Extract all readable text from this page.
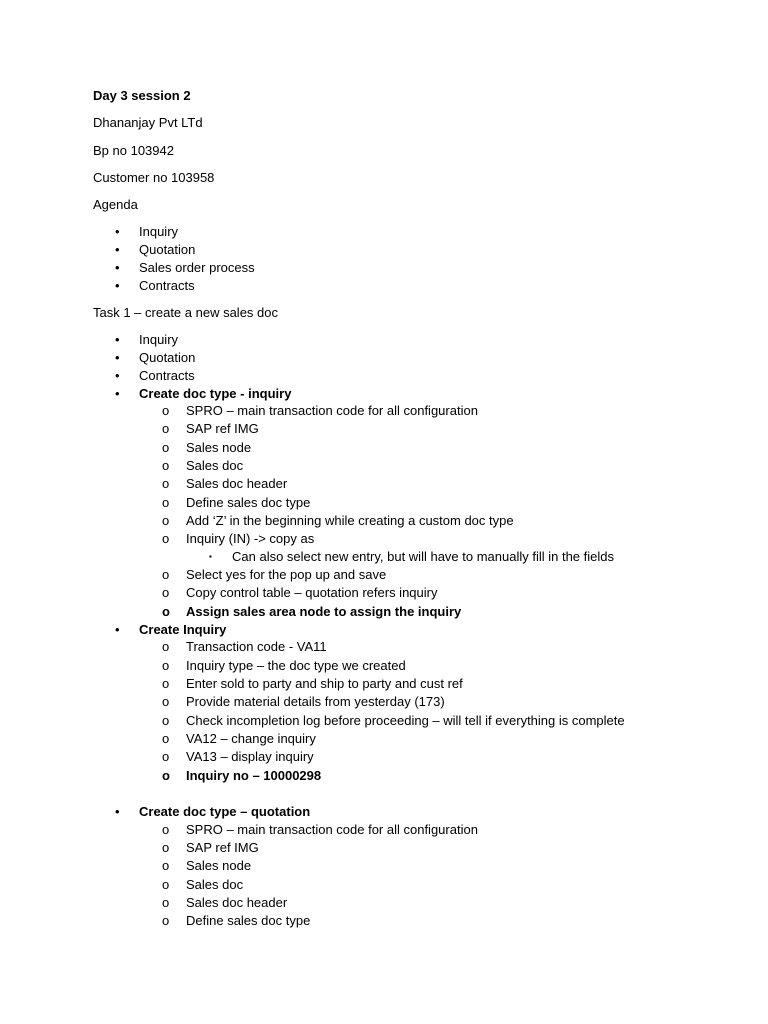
Day 3 session 2
Dhananjay Pvt LTd
Bp no 103942
Customer no 103958
Agenda
• Inquiry
• Quotation
• Sales order process
• Contracts
Task 1 – create a new sales doc
• Inquiry
• Quotation
• Contracts
• Create doc type - inquiry
o SPRO – main transaction code for all configuration
o SAP ref IMG
o Sales node
o Sales doc
o Sales doc header
o Define sales doc type
o Add ‘Z’ in the beginning while creating a custom doc type
o Inquiry (IN) -> copy as
▪ Can also select new entry, but will have to manually fill in the fields
o Select yes for the pop up and save
o Copy control table – quotation refers inquiry
o Assign sales area node to assign the inquiry
• Create Inquiry
o Transaction code - VA11
o Inquiry type – the doc type we created
o Enter sold to party and ship to party and cust ref
o Provide material details from yesterday (173)
o Check incompletion log before proceeding – will tell if everything is complete
o VA12 – change inquiry
o VA13 – display inquiry
o Inquiry no – 10000298
• Create doc type – quotation
o SPRO – main transaction code for all configuration
o SAP ref IMG
o Sales node
o Sales doc
o Sales doc header
o Define sales doc type
